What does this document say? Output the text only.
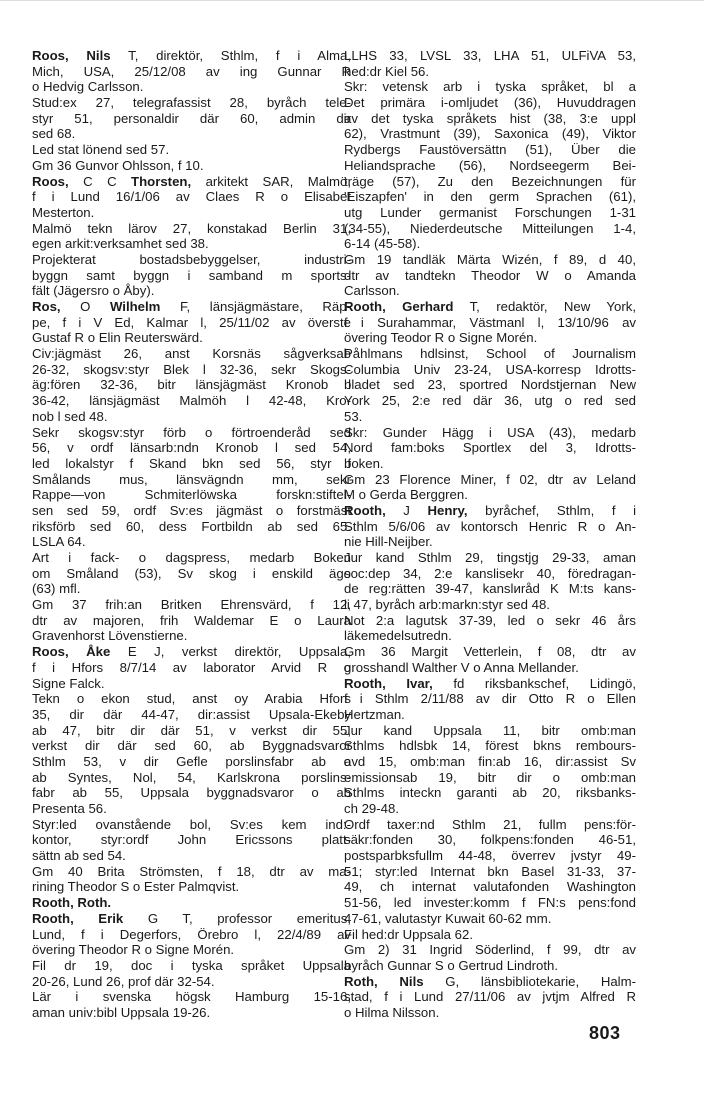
Roos, Nils T, direktör, Sthlm, f i Alma,
Mich, USA, 25/12/08 av ing Gunnar R
o Hedvig Carlsson.
Stud:ex 27, telegrafassist 28, byråch tele-
styr 51, personaldir där 60, admin dir
sed 68.
Led stat lönend sed 57.
Gm 36 Gunvor Ohlsson, f 10.
Roos, C C Thorsten, arkitekt SAR, Malmö,
f i Lund 16/1/06 av Claes R o Elisabet
Mesterton.
Malmö tekn lärov 27, konstakad Berlin 31,
egen arkit:verksamhet sed 38.
Projekterat bostadsbebyggelser, industri-
byggn samt byggn i samband m sports-
fält (Jägersro o Åby).
Ros, O Wilhelm F, länsjägmästare, Räp-
pe, f i V Ed, Kalmar l, 25/11/02 av överste
Gustaf R o Elin Reuterswärd.
Civ:jägmäst 26, anst Korsnäs sågverksab
26-32, skogsv:styr Blek l 32-36, sekr Skogs-
äg:fören 32-36, bitr länsjägmäst Kronob l
36-42, länsjägmäst Malmöh l 42-48, Kro-
nob l sed 48.
Sekr skogsv:styr förb o förtroenderåd sed
56, v ordf länsarb:ndn Kronob l sed 54,
led lokalstyr f Skand bkn sed 56, styr f
Smålands mus, länsvägndn mm, sekr
Rappe—von Schmiterlöwska forskn:stiftel-
sen sed 59, ordf Sv:es jägmäst o forstmäst
riksförb sed 60, dess Fortbildn ab sed 65.
LSLA 64.
Art i fack- o dagspress, medarb Boken
om Småland (53), Sv skog i enskild ägo
(63) mfl.
Gm 37 frih:an Britken Ehrensvärd, f 12,
dtr av majoren, frih Waldemar E o Laura
Gravenhorst Lövenstierne.
Roos, Åke E J, verkst direktör, Uppsala,
f i Hfors 8/7/14 av laborator Arvid R o
Signe Falck.
Tekn o ekon stud, anst oy Arabia Hfors
35, dir där 44-47, dir:assist Upsala-Ekeby
ab 47, bitr dir där 51, v verkst dir 55,
verkst dir där sed 60, ab Byggnadsvaror
Sthlm 53, v dir Gefle porslinsfabr ab o
ab Syntes, Nol, 54, Karlskrona porslins-
fabr ab 55, Uppsala byggnadsvaror o ab
Presenta 56.
Styr:led ovanstående bol, Sv:es kem ind:-
kontor, styr:ordf John Ericssons platt-
sättn ab sed 54.
Gm 40 Brita Strömsten, f 18, dtr av ma-
rining Theodor S o Ester Palmqvist.
Rooth, Roth.
Rooth, Erik G T, professor emeritus,
Lund, f i Degerfors, Örebro l, 22/4/89 av
övering Theodor R o Signe Morén.
Fil dr 19, doc i tyska språket Uppsala
20-26, Lund 26, prof där 32-54.
Lär i svenska högsk Hamburg 15-16,
aman univ:bibl Uppsala 19-26.
LLHS 33, LVSL 33, LHA 51, ULFiVA 53,
hed:dr Kiel 56.
Skr: vetensk arb i tyska språket, bl a
Det primära i-omljudet (36), Huvuddragen
av det tyska språkets hist (38, 3:e uppl
62), Vrastmunt (39), Saxonica (49), Viktor
Rydbergs Faustöversättn (51), Über die
Heliandsprache (56), Nordseegerm Bei-
träge (57), Zu den Bezeichnungen für
'Eiszapfen' in den germ Sprachen (61),
utg Lunder germanist Forschungen 1-31
(34-55), Niederdeutsche Mitteilungen 1-4,
6-14 (45-58).
Gm 19 tandläk Märta Wizén, f 89, d 40,
dtr av tandtekn Theodor W o Amanda
Carlsson.
Rooth, Gerhard T, redaktör, New York,
f i Surahammar, Västmanl l, 13/10/96 av
övering Teodor R o Signe Morén.
Påhlmans hdlsinst, School of Journalism
Columbia Univ 23-24, USA-korresp Idrotts-
bladet sed 23, sportred Nordstjernan New
York 25, 2:e red där 36, utg o red sed
53.
Skr: Gunder Hägg i USA (43), medarb
Nord fam:boks Sportlex del 3, Idrotts-
boken.
Gm 23 Florence Miner, f 02, dtr av Leland
M o Gerda Berggren.
Rooth, J Henry, byråchef, Sthlm, f i
Sthlm 5/6/06 av kontorsch Henric R o An-
nie Hill-Neijber.
Jur kand Sthlm 29, tingstjg 29-33, aman
soc:dep 34, 2:e kanslisekr 40, föredragan-
de reg:rätten 39-47, kanslиråd K M:ts kans-
li 47, byråch arb:markn:styr sed 48.
Not 2:a lagutsk 37-39, led o sekr 46 års
läkemedelsutredn.
Gm 36 Margit Vetterlein, f 08, dtr av
grosshandl Walther V o Anna Mellander.
Rooth, Ivar, fd riksbankschef, Lidingö,
f i Sthlm 2/11/88 av dir Otto R o Ellen
Hertzman.
Jur kand Uppsala 11, bitr omb:man
Sthlms hdlsbk 14, förest bkns rembours-
avd 15, omb:man fin:ab 16, dir:assist Sv
emissionsab 19, bitr dir o omb:man
Sthlms inteckn garanti ab 20, riksbanks-
ch 29-48.
Ordf taxer:nd Sthlm 21, fullm pens:för-
säkr:fonden 30, folkpens:fonden 46-51,
postsparbksfullm 44-48, överrev jvstyr 49-
51; styr:led Internat bkn Basel 31-33, 37-
49, ch internat valutafonden Washington
51-56, led invester:komm f FN:s pens:fond
47-61, valutastyr Kuwait 60-62 mm.
Fil hed:dr Uppsala 62.
Gm 2) 31 Ingrid Söderlind, f 99, dtr av
byråch Gunnar S o Gertrud Lindroth.
Roth, Nils G, länsbibliotekarie, Halm-
stad, f i Lund 27/11/06 av jvtjm Alfred R
o Hilma Nilsson.
803
